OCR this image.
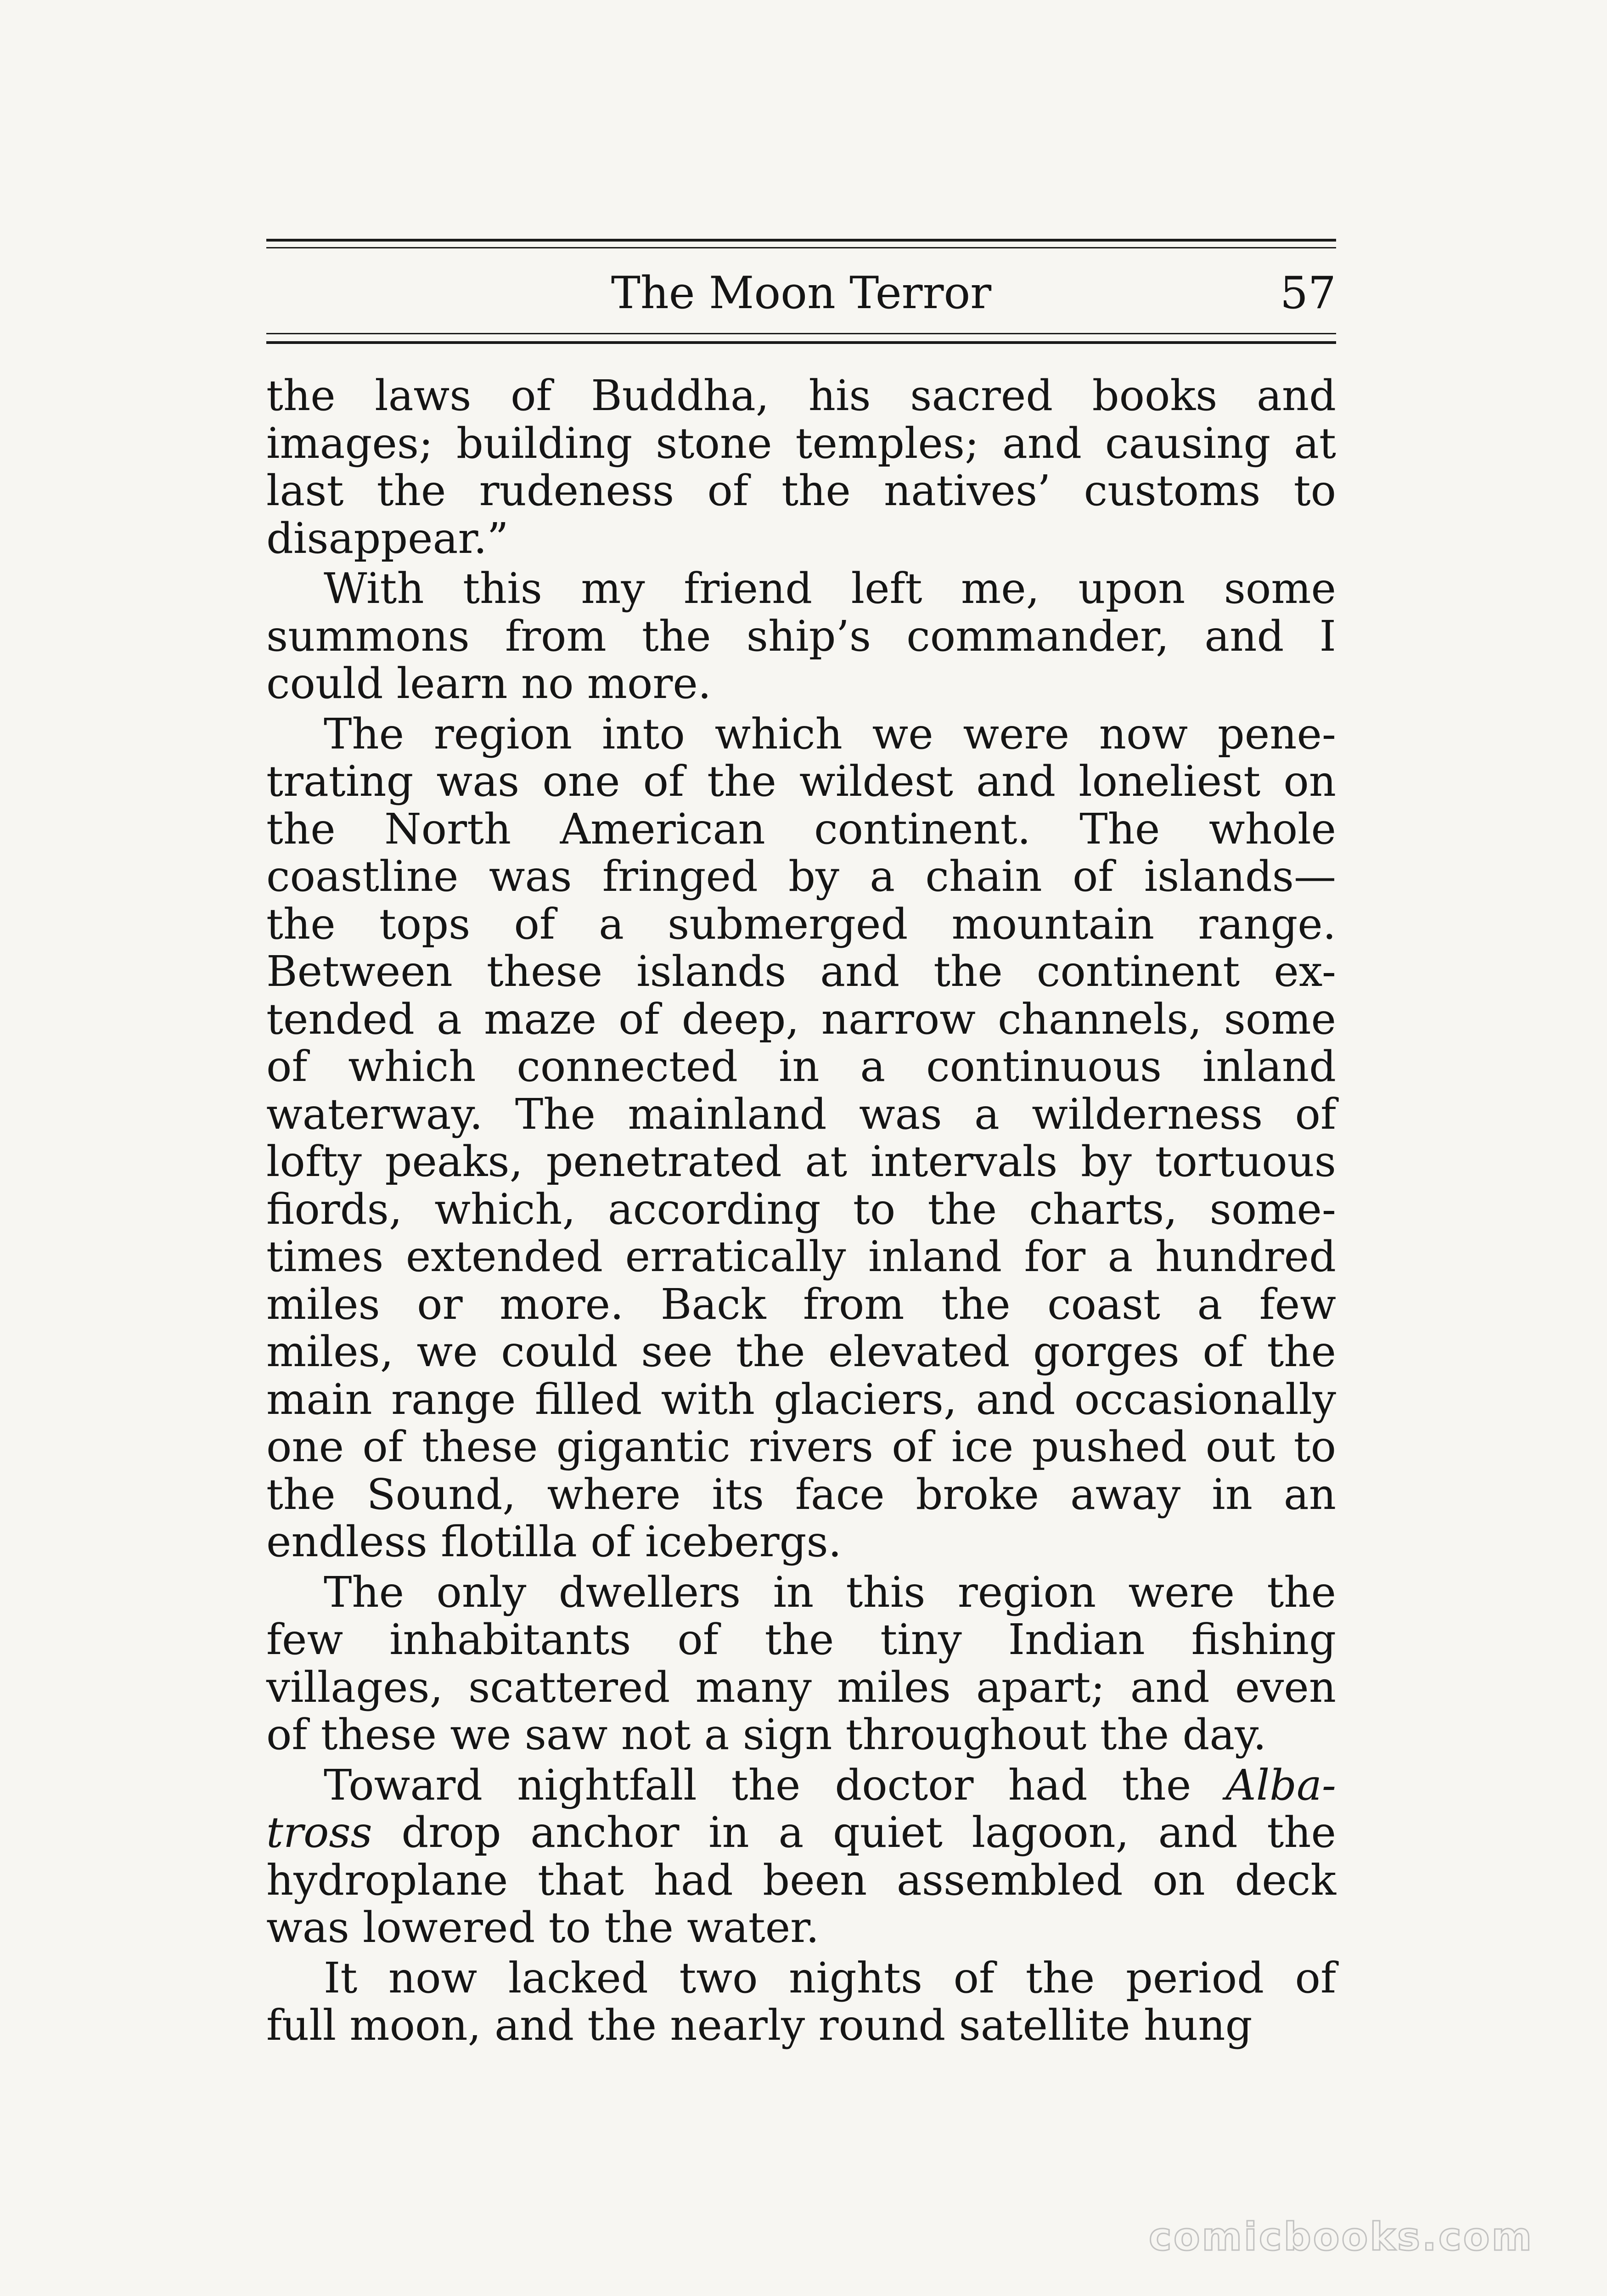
The Moon Terror	57
the laws of Buddha, his sacred books and
images; building stone temples; and causing at
last the rudeness of the natives’ customs to
disappear.”
With this my friend left me, upon some
summons from the ship’s commander, and I
could learn no more.
The region into which we were now pene-
trating was one of the wildest and loneliest on
the North American continent. The whole
coastline was fringed by a chain of islands—
the tops of a submerged mountain range.
Between these islands and the continent ex-
tended a maze of deep, narrow channels, some
of which connected in a continuous inland
waterway. The mainland was a wilderness of
lofty peaks, penetrated at intervals by tortuous
fiords, which, according to the charts, some-
times extended erratically inland for a hundred
miles or more. Back from the coast a few
miles, we could see the elevated gorges of the
main range filled with glaciers, and occasionally
one of these gigantic rivers of ice pushed out to
the Sound, where its face broke away in an
endless flotilla of icebergs.
The only dwellers in this region were the
few inhabitants of the tiny Indian fishing
villages, scattered many miles apart; and even
of these we saw not a sign throughout the day.
Toward nightfall the doctor had the Alba-
tross drop anchor in a quiet lagoon, and the
hydroplane that had been assembled on deck
was lowered to the water.
It now lacked two nights of the period of
full moon, and the nearly round satellite hung
comicbooks.com
